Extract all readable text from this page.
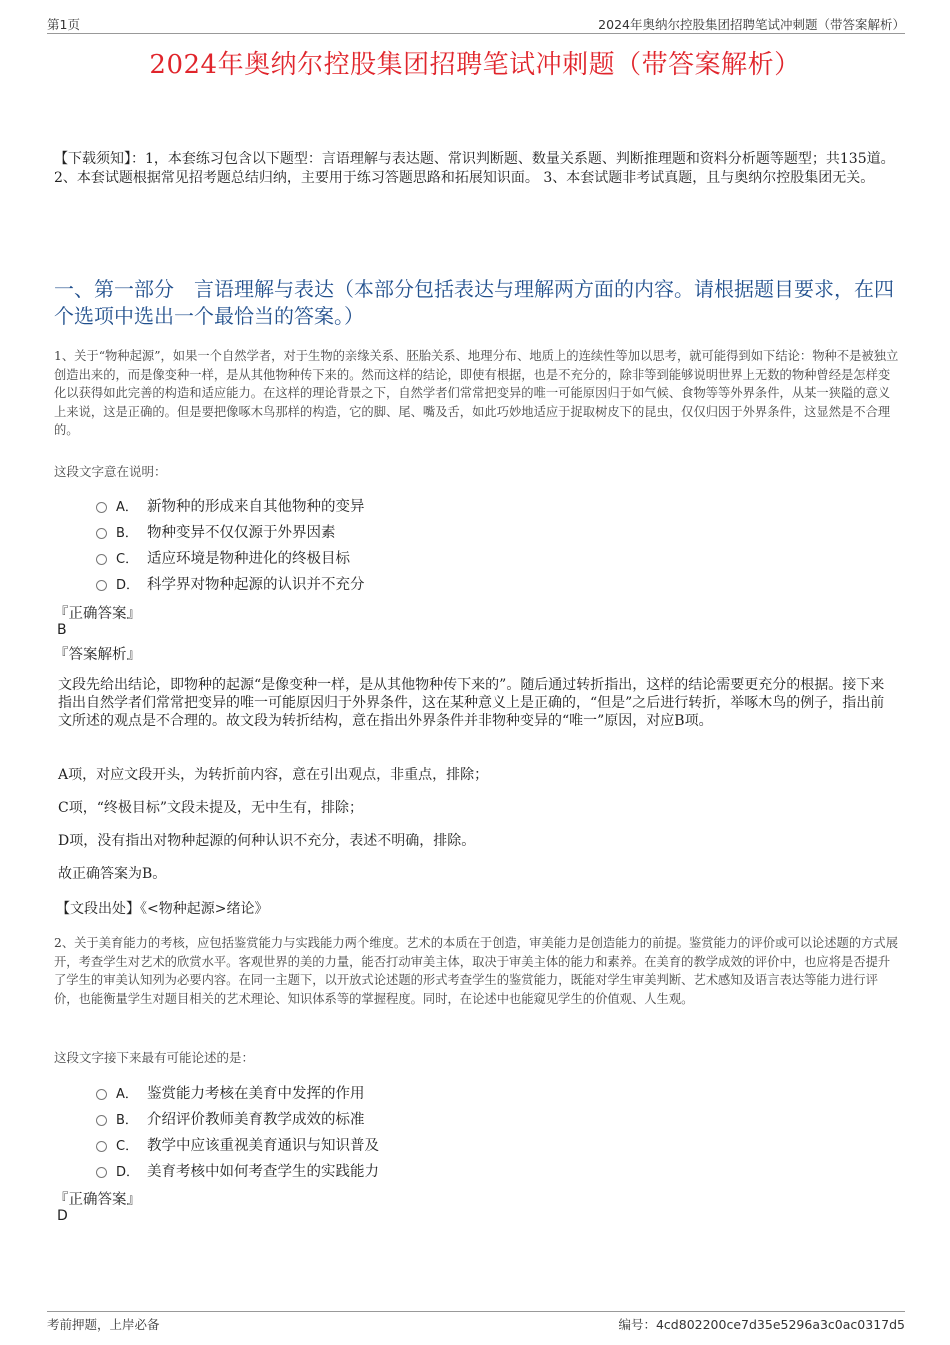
第1页	2024年奥纳尔控股集团招聘笔试冲刺题（带答案解析）
2024年奥纳尔控股集团招聘笔试冲刺题（带答案解析）
【下载须知】：1，本套练习包含以下题型：言语理解与表达题、常识判断题、数量关系题、判断推理题和资料分析题等题型；共135道。 2、本套试题根据常见招考题总结归纳，主要用于练习答题思路和拓展知识面。 3、本套试题非考试真题，且与奥纳尔控股集团无关。
一、第一部分　言语理解与表达（本部分包括表达与理解两方面的内容。请根据题目要求，在四个选项中选出一个最恰当的答案。）
1、关于“物种起源”，如果一个自然学者，对于生物的亲缘关系、胚胎关系、地理分布、地质上的连续性等加以思考，就可能得到如下结论：物种不是被独立创造出来的，而是像变种一样，是从其他物种传下来的。然而这样的结论，即使有根据，也是不充分的，除非等到能够说明世界上无数的物种曾经是怎样变化以获得如此完善的构造和适应能力。在这样的理论背景之下，自然学者们常常把变异的唯一可能原因归于如气候、食物等等外界条件，从某一狭隘的意义上来说，这是正确的。但是要把像啄木鸟那样的构造，它的脚、尾、嘴及舌，如此巧妙地适应于捉取树皮下的昆虫，仅仅归因于外界条件，这显然是不合理的。
这段文字意在说明：
A． 新物种的形成来自其他物种的变异
B． 物种变异不仅仅源于外界因素
C． 适应环境是物种进化的终极目标
D． 科学界对物种起源的认识并不充分
『正确答案』
B
『答案解析』

文段先给出结论，即物种的起源“是像变种一样，是从其他物种传下来的”。随后通过转折指出，这样的结论需要更充分的根据。接下来指出自然学者们常常把变异的唯一可能原因归于外界条件，这在某种意义上是正确的，“但是”之后进行转折，举啄木鸟的例子，指出前文所述的观点是不合理的。故文段为转折结构，意在指出外界条件并非物种变异的“唯一”原因，对应B项。

A项，对应文段开头，为转折前内容，意在引出观点，非重点，排除；
C项，“终极目标”文段未提及，无中生有，排除；
D项，没有指出对物种起源的何种认识不充分，表述不明确，排除。
故正确答案为B。
【文段出处】《<物种起源>绪论》
2、关于美育能力的考核，应包括鉴赏能力与实践能力两个维度。艺术的本质在于创造，审美能力是创造能力的前提。鉴赏能力的评价或可以论述题的方式展开，考查学生对艺术的欣赏水平。客观世界的美的力量，能否打动审美主体，取决于审美主体的能力和素养。在美育的教学成效的评价中，也应将是否提升了学生的审美认知列为必要内容。在同一主题下，以开放式论述题的形式考查学生的鉴赏能力，既能对学生审美判断、艺术感知及语言表达等能力进行评价，也能衡量学生对题目相关的艺术理论、知识体系等的掌握程度。同时，在论述中也能窥见学生的价值观、人生观。
这段文字接下来最有可能论述的是：
A． 鉴赏能力考核在美育中发挥的作用
B． 介绍评价教师美育教学成效的标准
C． 教学中应该重视美育通识与知识普及
D． 美育考核中如何考查学生的实践能力
『正确答案』
D
考前押题，上岸必备	编号：4cd802200ce7d35e5296a3c0ac0317d5
